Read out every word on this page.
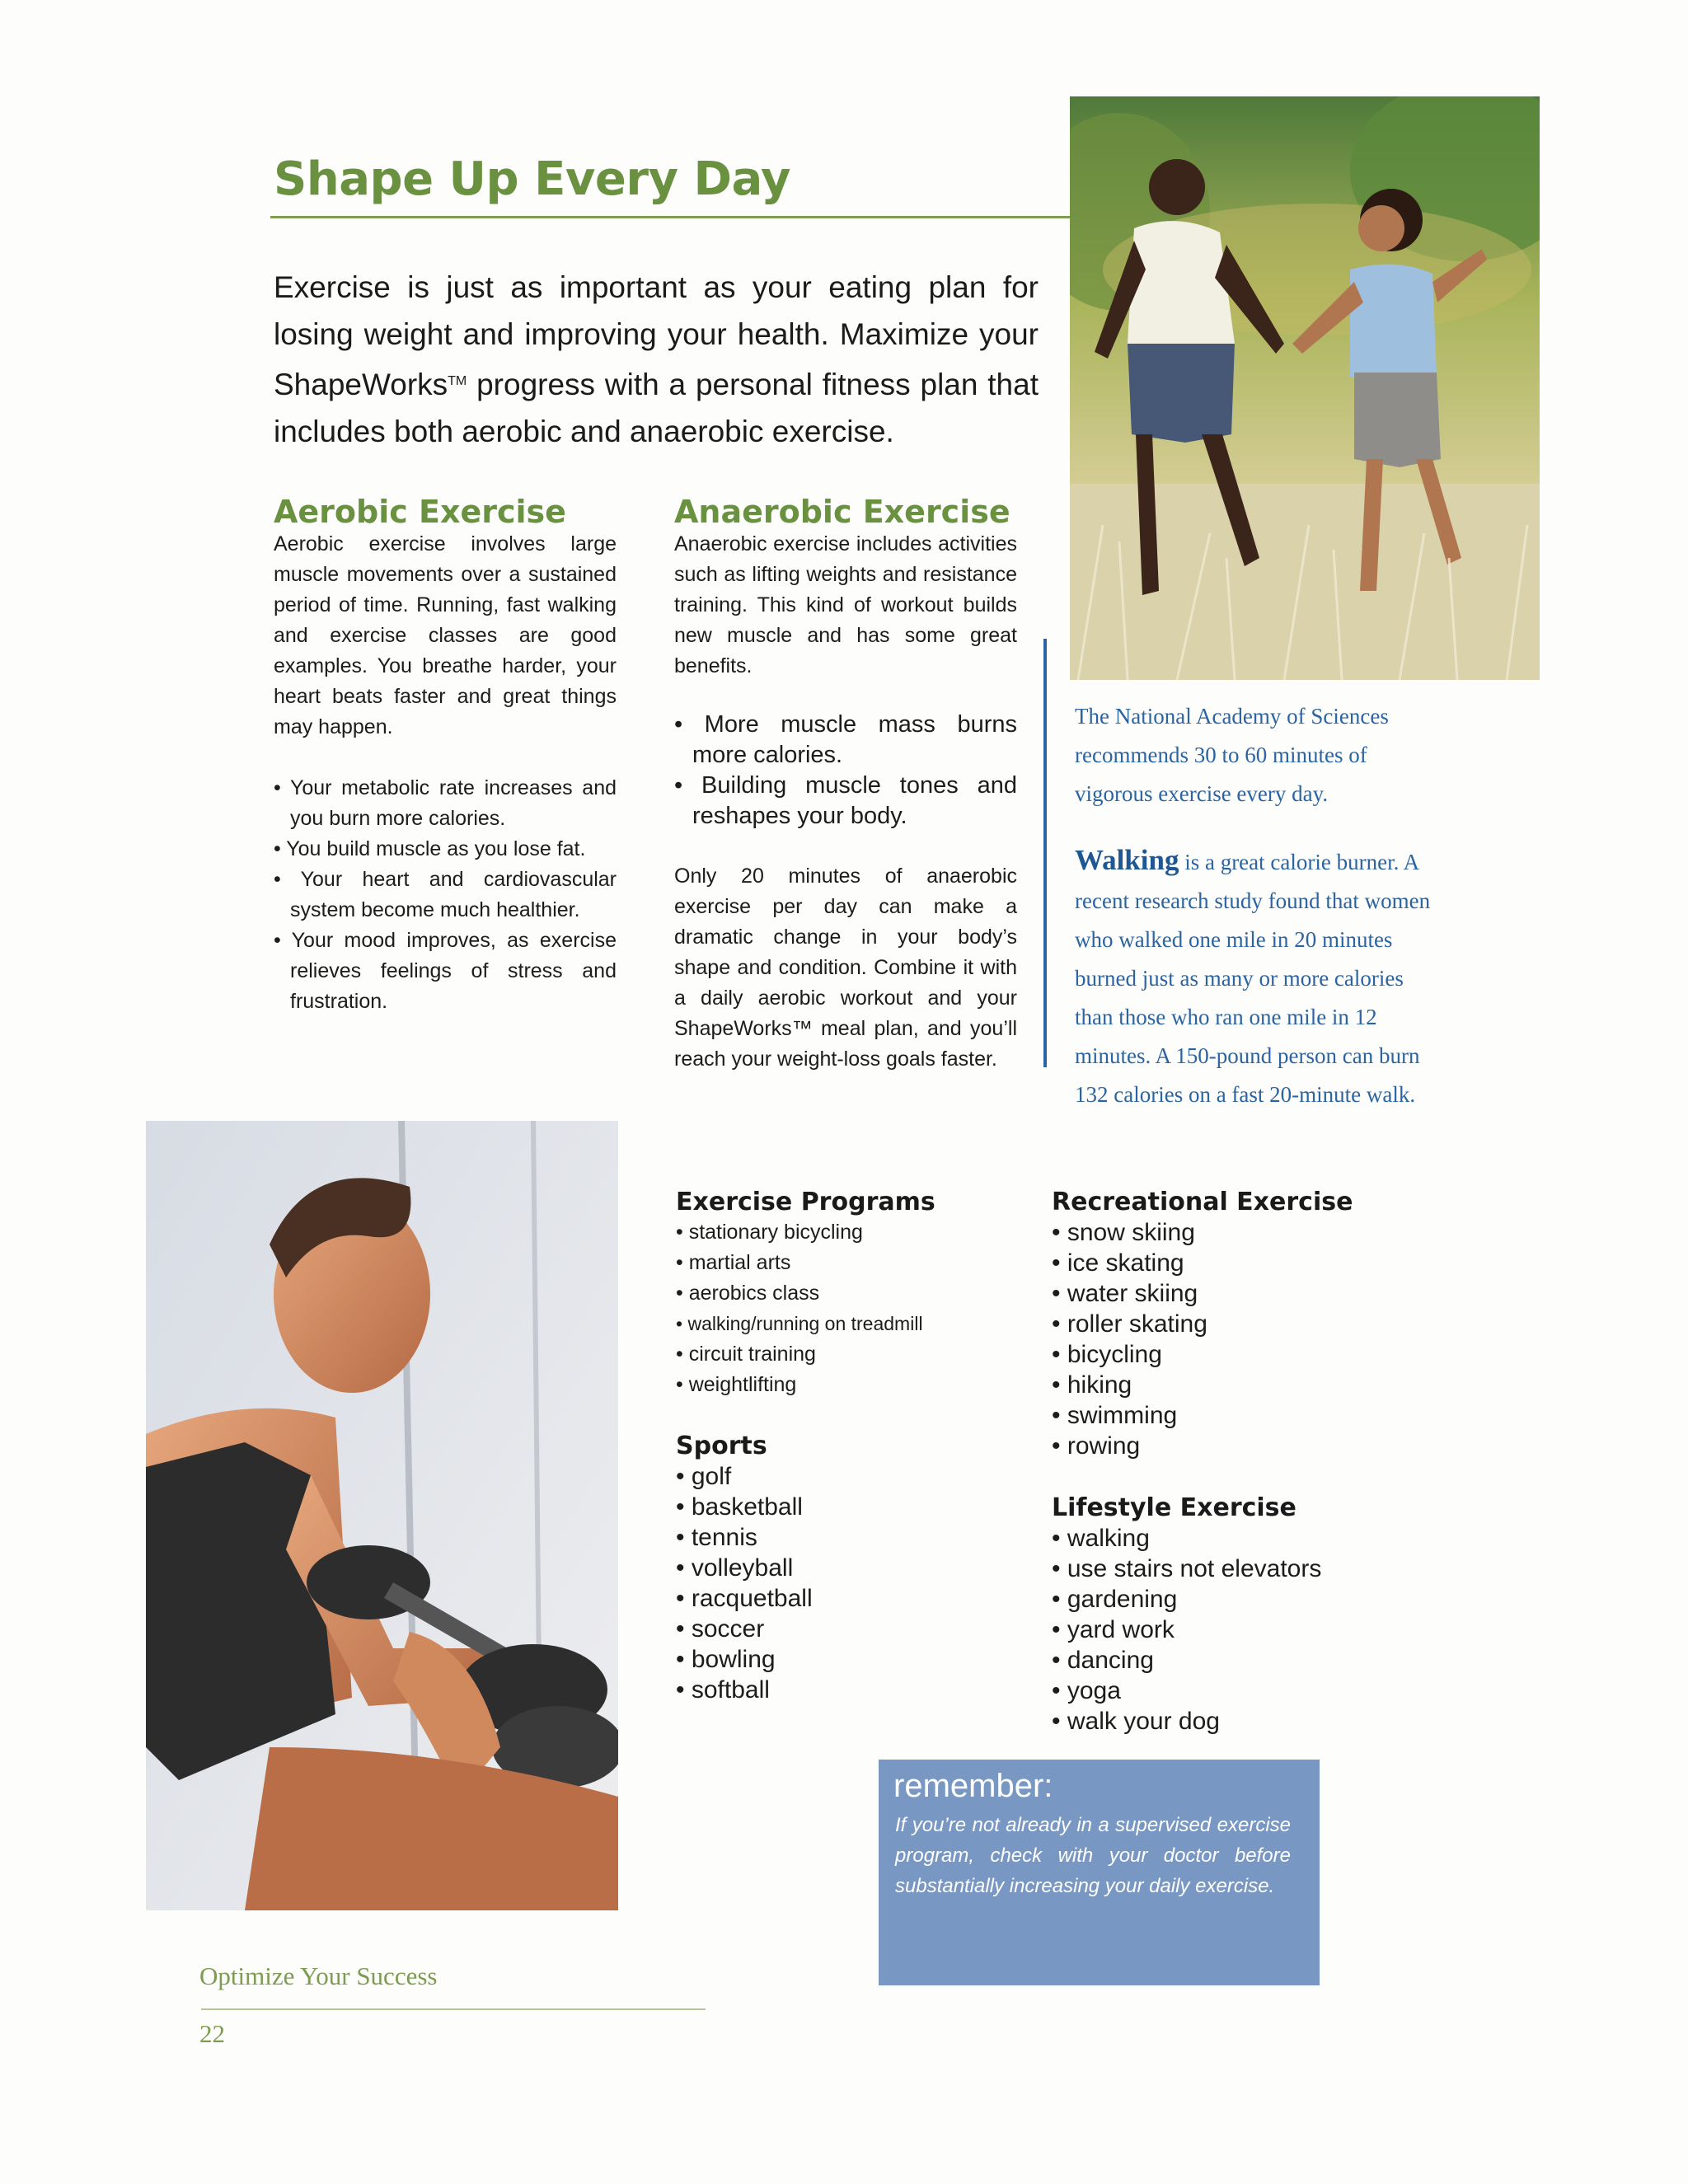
Shape Up Every Day

Exercise is just as important as your eating plan for losing weight and improving your health. Maximize your ShapeWorks™ progress with a personal fitness plan that includes both aerobic and anaerobic exercise.

Aerobic Exercise

Aerobic exercise involves large muscle movements over a sustained period of time. Running, fast walking and exercise classes are good examples. You breathe harder, your heart beats faster and great things may happen.

• Your metabolic rate increases and you burn more calories.
• You build muscle as you lose fat.
• Your heart and cardiovascular system become much healthier.
• Your mood improves, as exercise relieves feelings of stress and frustration.
Anaerobic Exercise

Anaerobic exercise includes activities such as lifting weights and resistance training. This kind of workout builds new muscle and has some great benefits.

• More muscle mass burns more calories.
• Building muscle tones and reshapes your body.

Only 20 minutes of anaerobic exercise per day can make a dramatic change in your body’s shape and condition. Combine it with a daily aerobic workout and your ShapeWorks™ meal plan, and you’ll reach your weight-loss goals faster.

The National Academy of Sciences recommends 30 to 60 minutes of vigorous exercise every day.

Walking is a great calorie burner. A recent research study found that women who walked one mile in 20 minutes burned just as many or more calories than those who ran one mile in 12 minutes. A 150-pound person can burn 132 calories on a fast 20-minute walk.

Exercise Programs
• stationary bicycling
• martial arts
• aerobics class
• walking/running on treadmill
• circuit training
• weightlifting
Sports
• golf
• basketball
• tennis
• volleyball
• racquetball
• soccer
• bowling
• softball
Recreational Exercise
• snow skiing
• ice skating
• water skiing
• roller skating
• bicycling
• hiking
• swimming
• rowing
Lifestyle Exercise
• walking
• use stairs not elevators
• gardening
• yard work
• dancing
• yoga
• walk your dog

remember:

If you’re not already in a supervised exercise program, check with your doctor before substantially increasing your daily exercise.

Optimize Your Success
22
